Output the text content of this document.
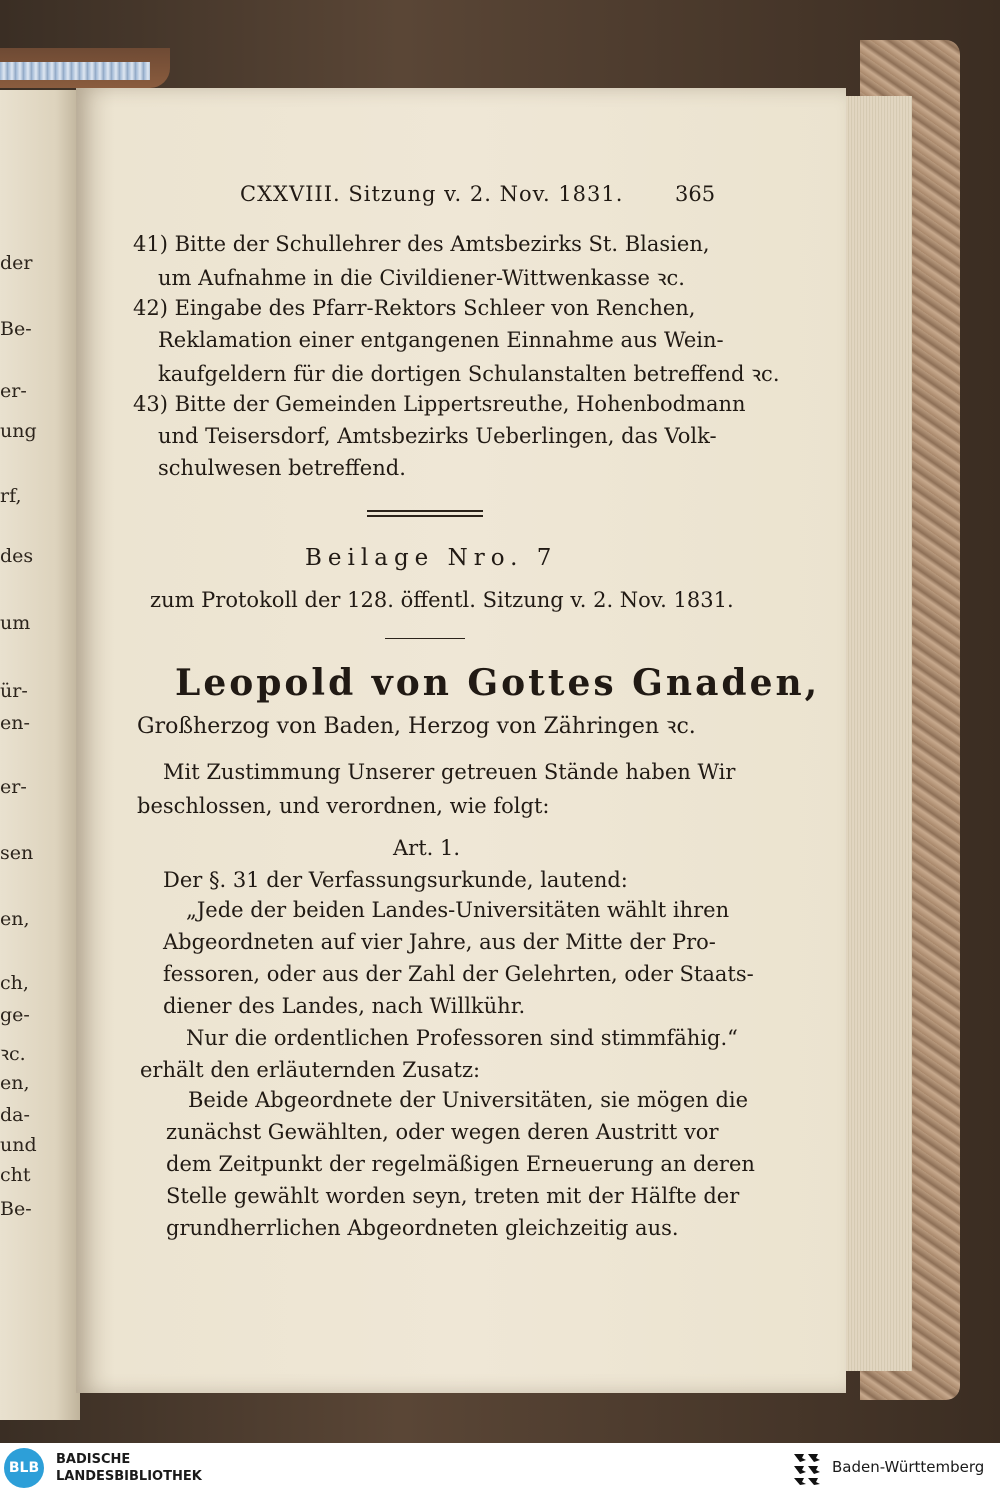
der
Be-
er-
ung
rf,
des
um
ür-
en-
er-
sen
en,
ch,
ge-
ꝛc.
en,
da-
und
cht
Be-
CXXVIII. Sitzung v. 2. Nov. 1831. 365
41) Bitte der Schullehrer des Amtsbezirks St. Blasien,
um Aufnahme in die Civildiener-Wittwenkasse ꝛc.
42) Eingabe des Pfarr-Rektors Schleer von Renchen,
Reklamation einer entgangenen Einnahme aus Wein-
kaufgeldern für die dortigen Schulanstalten betreffend ꝛc.
43) Bitte der Gemeinden Lippertsreuthe, Hohenbodmann
und Teisersdorf, Amtsbezirks Ueberlingen, das Volk-
schulwesen betreffend.
Beilage Nro. 7
zum Protokoll der 128. öffentl. Sitzung v. 2. Nov. 1831.
Leopold von Gottes Gnaden,
Großherzog von Baden, Herzog von Zähringen ꝛc.
Mit Zustimmung Unserer getreuen Stände haben Wir
beschlossen, und verordnen, wie folgt:
Art. 1.
Der §. 31 der Verfassungsurkunde, lautend:
„Jede der beiden Landes-Universitäten wählt ihren
Abgeordneten auf vier Jahre, aus der Mitte der Pro-
fessoren, oder aus der Zahl der Gelehrten, oder Staats-
diener des Landes, nach Willkühr.
Nur die ordentlichen Professoren sind stimmfähig.“
erhält den erläuternden Zusatz:
Beide Abgeordnete der Universitäten, sie mögen die
zunächst Gewählten, oder wegen deren Austritt vor
dem Zeitpunkt der regelmäßigen Erneuerung an deren
Stelle gewählt worden seyn, treten mit der Hälfte der
grundherrlichen Abgeordneten gleichzeitig aus.
BLB
BADISCHE
LANDESBIBLIOTHEK
Baden-Württemberg
